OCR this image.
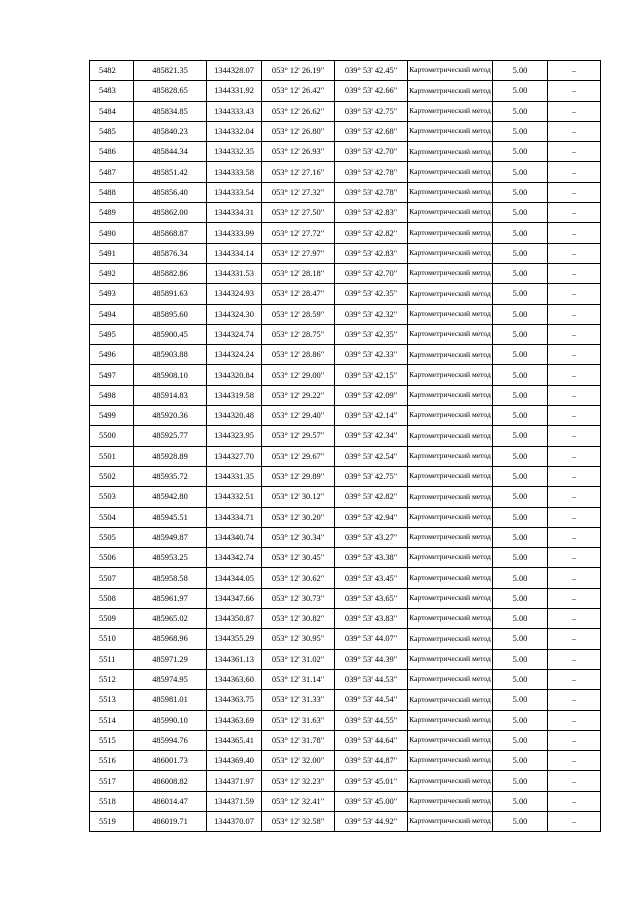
5482	485821.35	1344328.07	053° 12' 26.19"	039° 53' 42.45"	Картометрический метод	5.00	–
5483	485828.65	1344331.92	053° 12' 26.42"	039° 53' 42.66"	Картометрический метод	5.00	–
5484	485834.85	1344333.43	053° 12' 26.62"	039° 53' 42.75"	Картометрический метод	5.00	–
5485	485840.23	1344332.04	053° 12' 26.80"	039° 53' 42.68"	Картометрический метод	5.00	–
5486	485844.34	1344332.35	053° 12' 26.93"	039° 53' 42.70"	Картометрический метод	5.00	–
5487	485851.42	1344333.58	053° 12' 27.16"	039° 53' 42.78"	Картометрический метод	5.00	–
5488	485856.40	1344333.54	053° 12' 27.32"	039° 53' 42.78"	Картометрический метод	5.00	–
5489	485862.00	1344334.31	053° 12' 27.50"	039° 53' 42.83"	Картометрический метод	5.00	–
5490	485868.87	1344333.99	053° 12' 27.72"	039° 53' 42.82"	Картометрический метод	5.00	–
5491	485876.34	1344334.14	053° 12' 27.97"	039° 53' 42.83"	Картометрический метод	5.00	–
5492	485882.86	1344331.53	053° 12' 28.18"	039° 53' 42.70"	Картометрический метод	5.00	–
5493	485891.63	1344324.93	053° 12' 28.47"	039° 53' 42.35"	Картометрический метод	5.00	–
5494	485895.60	1344324.30	053° 12' 28.59"	039° 53' 42.32"	Картометрический метод	5.00	–
5495	485900.45	1344324.74	053° 12' 28.75"	039° 53' 42.35"	Картометрический метод	5.00	–
5496	485903.88	1344324.24	053° 12' 28.86"	039° 53' 42.33"	Картометрический метод	5.00	–
5497	485908.10	1344320.84	053° 12' 29.00"	039° 53' 42.15"	Картометрический метод	5.00	–
5498	485914.83	1344319.58	053° 12' 29.22"	039° 53' 42.09"	Картометрический метод	5.00	–
5499	485920.36	1344320.48	053° 12' 29.40"	039° 53' 42.14"	Картометрический метод	5.00	–
5500	485925.77	1344323.95	053° 12' 29.57"	039° 53' 42.34"	Картометрический метод	5.00	–
5501	485928.89	1344327.70	053° 12' 29.67"	039° 53' 42.54"	Картометрический метод	5.00	–
5502	485935.72	1344331.35	053° 12' 29.89"	039° 53' 42.75"	Картометрический метод	5.00	–
5503	485942.80	1344332.51	053° 12' 30.12"	039° 53' 42.82"	Картометрический метод	5.00	–
5504	485945.51	1344334.71	053° 12' 30.20"	039° 53' 42.94"	Картометрический метод	5.00	–
5505	485949.87	1344340.74	053° 12' 30.34"	039° 53' 43.27"	Картометрический метод	5.00	–
5506	485953.25	1344342.74	053° 12' 30.45"	039° 53' 43.38"	Картометрический метод	5.00	–
5507	485958.58	1344344.05	053° 12' 30.62"	039° 53' 43.45"	Картометрический метод	5.00	–
5508	485961.97	1344347.66	053° 12' 30.73"	039° 53' 43.65"	Картометрический метод	5.00	–
5509	485965.02	1344350.87	053° 12' 30.82"	039° 53' 43.83"	Картометрический метод	5.00	–
5510	485968.96	1344355.29	053° 12' 30.95"	039° 53' 44.07"	Картометрический метод	5.00	–
5511	485971.29	1344361.13	053° 12' 31.02"	039° 53' 44.39"	Картометрический метод	5.00	–
5512	485974.95	1344363.60	053° 12' 31.14"	039° 53' 44.53"	Картометрический метод	5.00	–
5513	485981.01	1344363.75	053° 12' 31.33"	039° 53' 44.54"	Картометрический метод	5.00	–
5514	485990.10	1344363.69	053° 12' 31.63"	039° 53' 44.55"	Картометрический метод	5.00	–
5515	485994.76	1344365.41	053° 12' 31.78"	039° 53' 44.64"	Картометрический метод	5.00	–
5516	486001.73	1344369.40	053° 12' 32.00"	039° 53' 44.87"	Картометрический метод	5.00	–
5517	486008.82	1344371.97	053° 12' 32.23"	039° 53' 45.01"	Картометрический метод	5.00	–
5518	486014.47	1344371.59	053° 12' 32.41"	039° 53' 45.00"	Картометрический метод	5.00	–
5519	486019.71	1344370.07	053° 12' 32.58"	039° 53' 44.92"	Картометрический метод	5.00	–
